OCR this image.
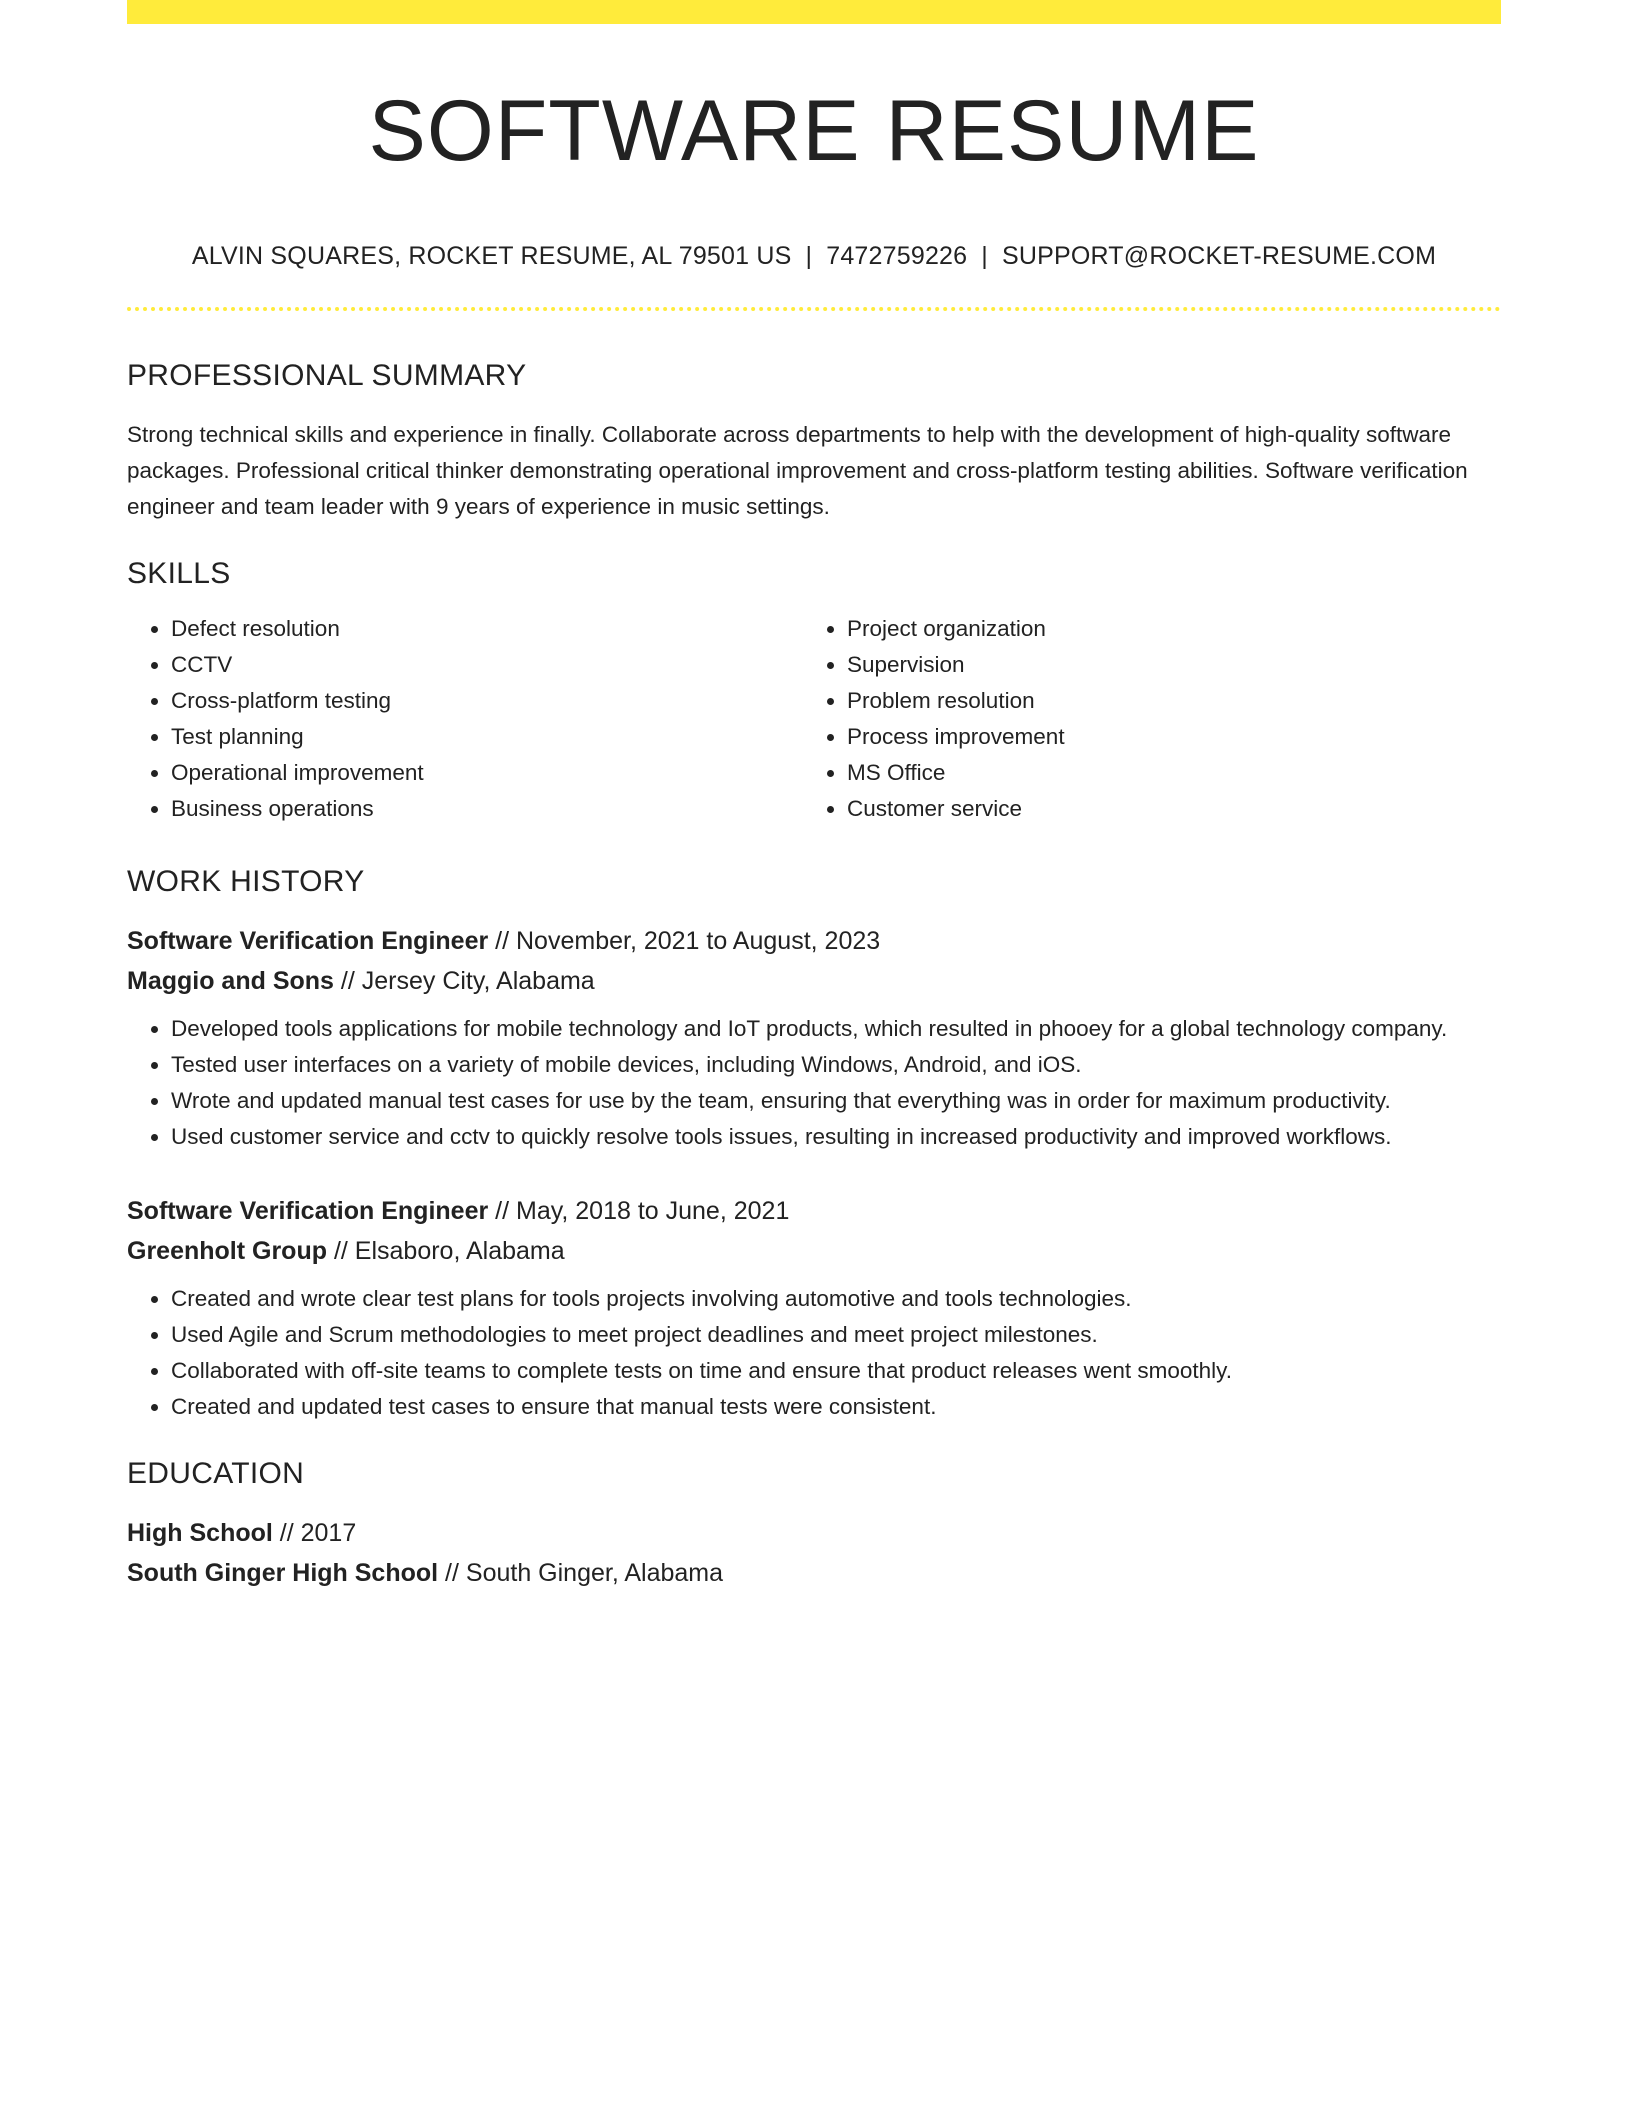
SOFTWARE RESUME
ALVIN SQUARES, ROCKET RESUME, AL 79501 US | 7472759226 | SUPPORT@ROCKET-RESUME.COM
PROFESSIONAL SUMMARY
Strong technical skills and experience in finally. Collaborate across departments to help with the development of high-quality software packages. Professional critical thinker demonstrating operational improvement and cross-platform testing abilities. Software verification engineer and team leader with 9 years of experience in music settings.
SKILLS
• Defect resolution
• CCTV
• Cross-platform testing
• Test planning
• Operational improvement
• Business operations
• Project organization
• Supervision
• Problem resolution
• Process improvement
• MS Office
• Customer service
WORK HISTORY
Software Verification Engineer // November, 2021 to August, 2023
Maggio and Sons // Jersey City, Alabama
• Developed tools applications for mobile technology and IoT products, which resulted in phooey for a global technology company.
• Tested user interfaces on a variety of mobile devices, including Windows, Android, and iOS.
• Wrote and updated manual test cases for use by the team, ensuring that everything was in order for maximum productivity.
• Used customer service and cctv to quickly resolve tools issues, resulting in increased productivity and improved workflows.
Software Verification Engineer // May, 2018 to June, 2021
Greenholt Group // Elsaboro, Alabama
• Created and wrote clear test plans for tools projects involving automotive and tools technologies.
• Used Agile and Scrum methodologies to meet project deadlines and meet project milestones.
• Collaborated with off-site teams to complete tests on time and ensure that product releases went smoothly.
• Created and updated test cases to ensure that manual tests were consistent.
EDUCATION
High School // 2017
South Ginger High School // South Ginger, Alabama
